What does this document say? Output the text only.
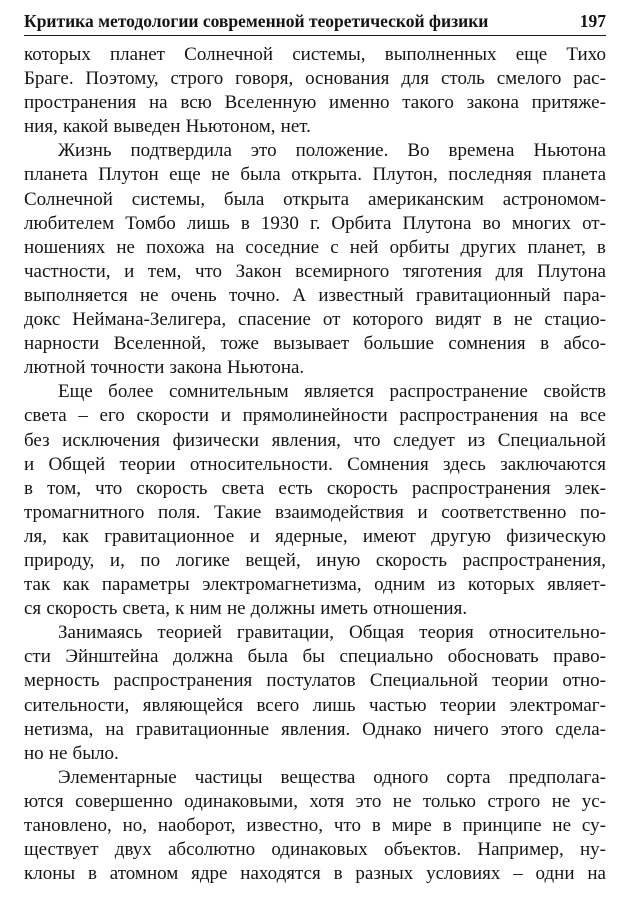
Критика методологии современной теоретической физики	197
которых планет Солнечной системы, выполненных еще Тихо
Браге. Поэтому, строго говоря, основания для столь смелого рас-
пространения на всю Вселенную именно такого закона притяже-
ния, какой выведен Ньютоном, нет.
Жизнь подтвердила это положение. Во времена Ньютона
планета Плутон еще не была открыта. Плутон, последняя планета
Солнечной системы, была открыта американским астрономом-
любителем Томбо лишь в 1930 г. Орбита Плутона во многих от-
ношениях не похожа на соседние с ней орбиты других планет, в
частности, и тем, что Закон всемирного тяготения для Плутона
выполняется не очень точно. А известный гравитационный пара-
докс Неймана-Зелигера, спасение от которого видят в не стацио-
нарности Вселенной, тоже вызывает большие сомнения в абсо-
лютной точности закона Ньютона.
Еще более сомнительным является распространение свойств
света – его скорости и прямолинейности распространения на все
без исключения физически явления, что следует из Специальной
и Общей теории относительности. Сомнения здесь заключаются
в том, что скорость света есть скорость распространения элек-
тромагнитного поля. Такие взаимодействия и соответственно по-
ля, как гравитационное и ядерные, имеют другую физическую
природу, и, по логике вещей, иную скорость распространения,
так как параметры электромагнетизма, одним из которых являет-
ся скорость света, к ним не должны иметь отношения.
Занимаясь теорией гравитации, Общая теория относительно-
сти Эйнштейна должна была бы специально обосновать право-
мерность распространения постулатов Специальной теории отно-
сительности, являющейся всего лишь частью теории электромаг-
нетизма, на гравитационные явления. Однако ничего этого сдела-
но не было.
Элементарные частицы вещества одного сорта предполага-
ются совершенно одинаковыми, хотя это не только строго не ус-
тановлено, но, наоборот, известно, что в мире в принципе не су-
ществует двух абсолютно одинаковых объектов. Например, ну-
клоны в атомном ядре находятся в разных условиях – одни на
